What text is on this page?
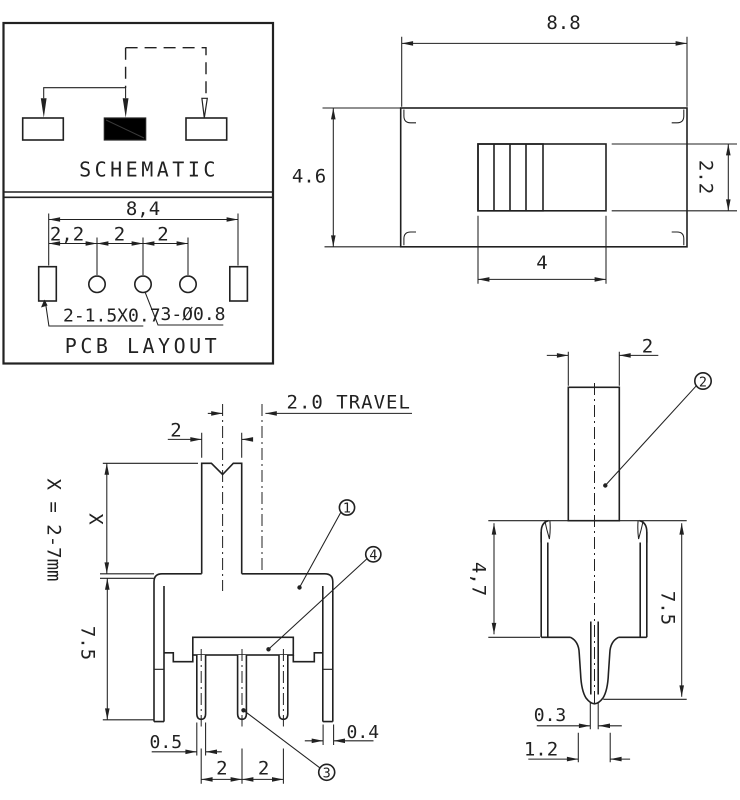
SCHEMATIC
8,4
2,2 2 2
2-1.5X0.7 3-Ø0.8
PCB LAYOUT
8.8
2.2
4.6
4
2.0 TRAVEL
2
X
X = 2-7mm
7.5
1
4
3
0.5
2 2
0.4
2
4,7
7.5
0.3
1.2
2
